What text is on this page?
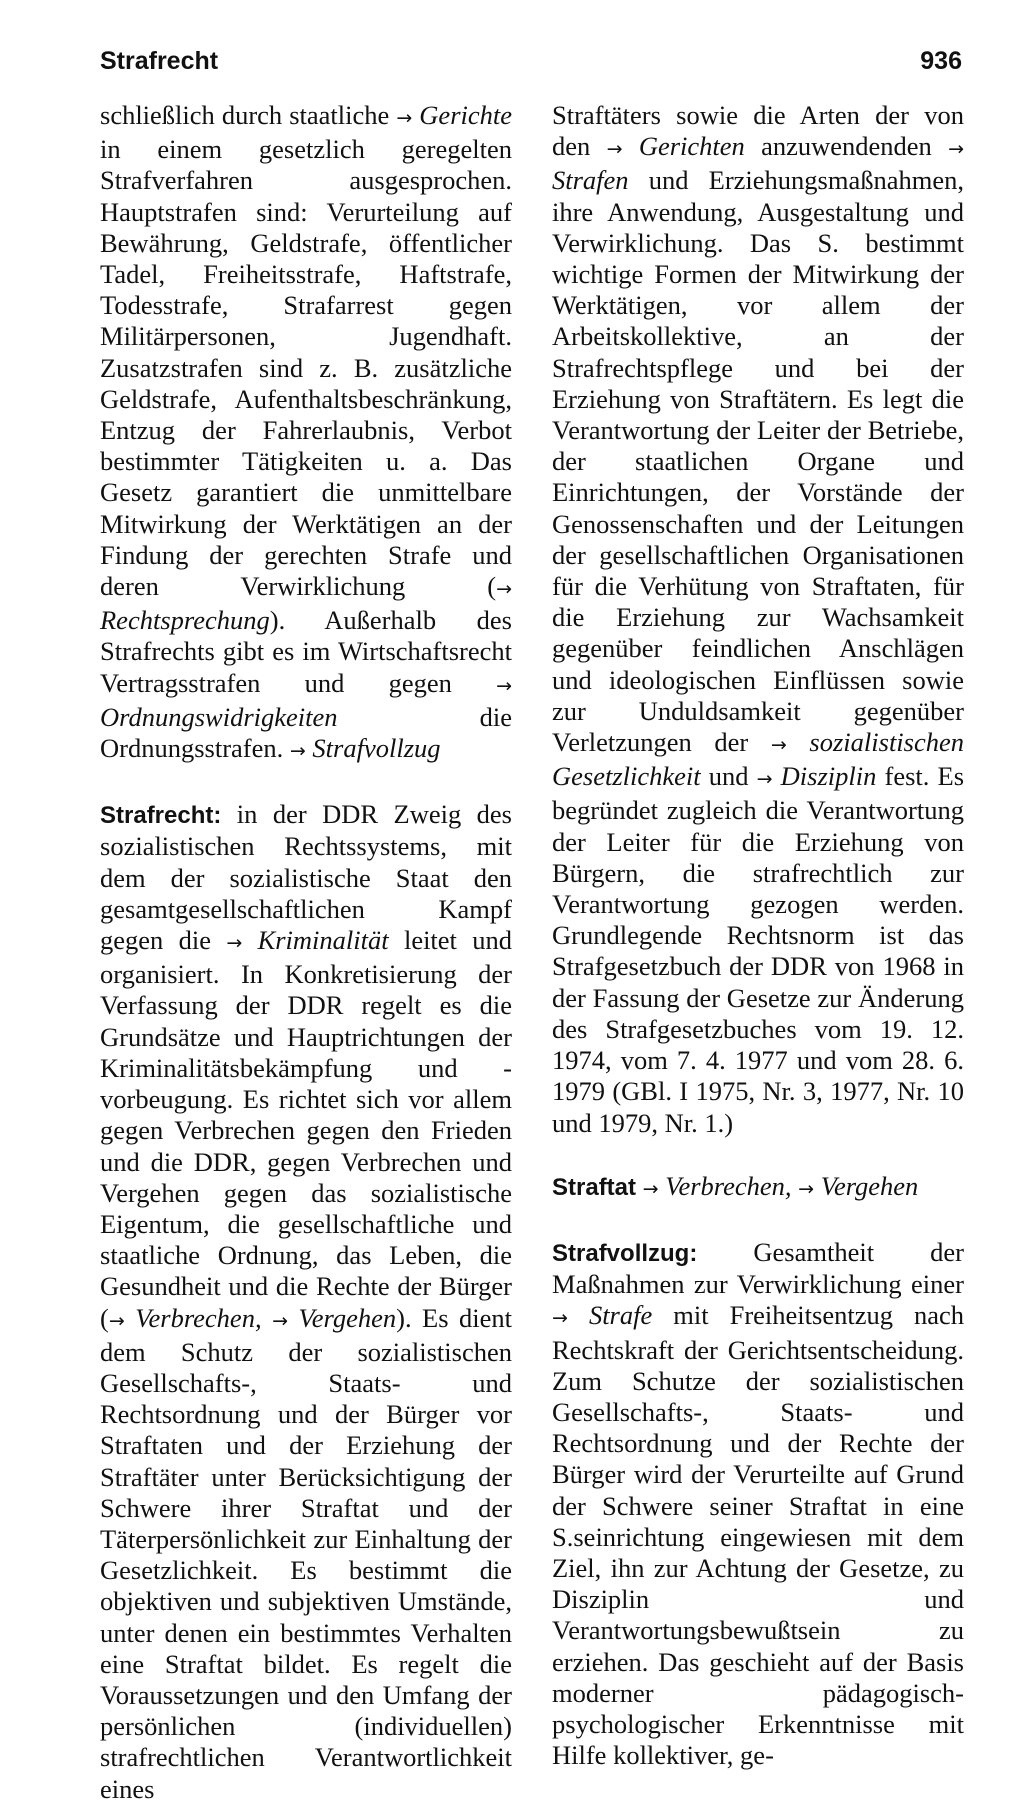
Strafrecht	936

schließlich durch staatliche → Gerichte in einem gesetzlich geregelten Strafverfahren ausgesprochen. Hauptstrafen sind: Verurteilung auf Bewährung, Geldstrafe, öffentlicher Tadel, Freiheitsstrafe, Haftstrafe, Todesstrafe, Strafarrest gegen Militärpersonen, Jugendhaft. Zusatzstrafen sind z. B. zusätzliche Geldstrafe, Aufenthaltsbeschränkung, Entzug der Fahrerlaubnis, Verbot bestimmter Tätigkeiten u. a. Das Gesetz garantiert die unmittelbare Mitwirkung der Werktätigen an der Findung der gerechten Strafe und deren Verwirklichung (→ Rechtsprechung). Außerhalb des Strafrechts gibt es im Wirtschaftsrecht Vertragsstrafen und gegen → Ordnungswidrigkeiten die Ordnungsstrafen. → Strafvollzug

Strafrecht: in der DDR Zweig des sozialistischen Rechtssystems, mit dem der sozialistische Staat den gesamtgesellschaftlichen Kampf gegen die → Kriminalität leitet und organisiert. In Konkretisierung der Verfassung der DDR regelt es die Grundsätze und Hauptrichtungen der Kriminalitätsbekämpfung und -vorbeugung. Es richtet sich vor allem gegen Verbrechen gegen den Frieden und die DDR, gegen Verbrechen und Vergehen gegen das sozialistische Eigentum, die gesellschaftliche und staatliche Ordnung, das Leben, die Gesundheit und die Rechte der Bürger (→ Verbrechen, → Vergehen). Es dient dem Schutz der sozialistischen Gesellschafts-, Staats- und Rechtsordnung und der Bürger vor Straftaten und der Erziehung der Straftäter unter Berücksichtigung der Schwere ihrer Straftat und der Täterpersönlichkeit zur Einhaltung der Gesetzlichkeit. Es bestimmt die objektiven und subjektiven Umstände, unter denen ein bestimmtes Verhalten eine Straftat bildet. Es regelt die Voraussetzungen und den Umfang der persönlichen (individuellen) strafrechtlichen Verantwortlichkeit eines

Straftäters sowie die Arten der von den → Gerichten anzuwendenden → Strafen und Erziehungsmaßnahmen, ihre Anwendung, Ausgestaltung und Verwirklichung. Das S. bestimmt wichtige Formen der Mitwirkung der Werktätigen, vor allem der Arbeitskollektive, an der Strafrechtspflege und bei der Erziehung von Straftätern. Es legt die Verantwortung der Leiter der Betriebe, der staatlichen Organe und Einrichtungen, der Vorstände der Genossenschaften und der Leitungen der gesellschaftlichen Organisationen für die Verhütung von Straftaten, für die Erziehung zur Wachsamkeit gegenüber feindlichen Anschlägen und ideologischen Einflüssen sowie zur Unduldsamkeit gegenüber Verletzungen der → sozialistischen Gesetzlichkeit und → Disziplin fest. Es begründet zugleich die Verantwortung der Leiter für die Erziehung von Bürgern, die strafrechtlich zur Verantwortung gezogen werden. Grundlegende Rechtsnorm ist das Strafgesetzbuch der DDR von 1968 in der Fassung der Gesetze zur Änderung des Strafgesetzbuches vom 19. 12. 1974, vom 7. 4. 1977 und vom 28. 6. 1979 (GBl. I 1975, Nr. 3, 1977, Nr. 10 und 1979, Nr. 1.)

Straftat → Verbrechen, → Vergehen

Strafvollzug: Gesamtheit der Maßnahmen zur Verwirklichung einer → Strafe mit Freiheitsentzug nach Rechtskraft der Gerichtsentscheidung. Zum Schutze der sozialistischen Gesellschafts-, Staats- und Rechtsordnung und der Rechte der Bürger wird der Verurteilte auf Grund der Schwere seiner Straftat in eine S.seinrichtung eingewiesen mit dem Ziel, ihn zur Achtung der Gesetze, zu Disziplin und Verantwortungsbewußtsein zu erziehen. Das geschieht auf der Basis moderner pädagogisch-psychologischer Erkenntnisse mit Hilfe kollektiver, ge-
